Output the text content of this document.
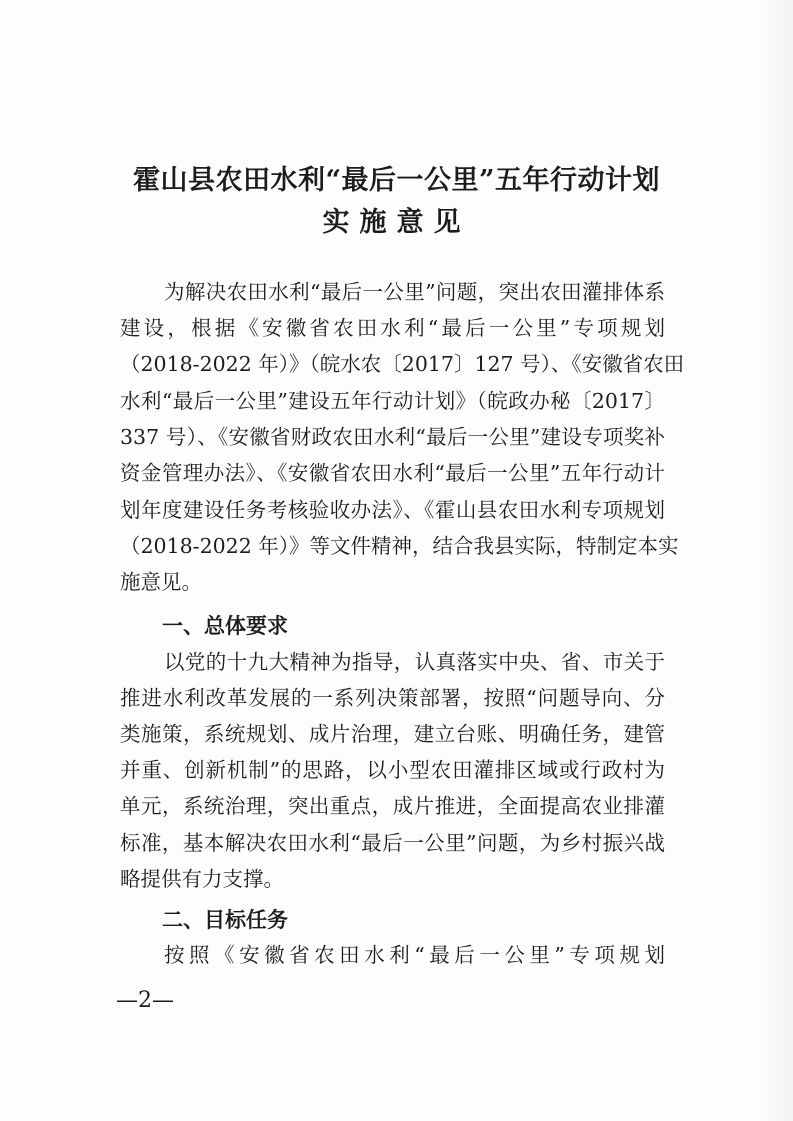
霍山县农田水利“最后一公里”五年行动计划
实施意见
为解决农田水利“最后一公里”问题，突出农田灌排体系
建设，根据《安徽省农田水利“最后一公里”专项规划
（2018-2022 年）》（皖水农〔2017〕127 号）、《安徽省农田
水利“最后一公里”建设五年行动计划》（皖政办秘〔2017〕
337 号）、《安徽省财政农田水利“最后一公里”建设专项奖补
资金管理办法》、《安徽省农田水利“最后一公里”五年行动计
划年度建设任务考核验收办法》、《霍山县农田水利专项规划
（2018-2022 年）》等文件精神，结合我县实际，特制定本实
施意见。
一、总体要求
以党的十九大精神为指导，认真落实中央、省、市关于
推进水利改革发展的一系列决策部署，按照“问题导向、分
类施策，系统规划、成片治理，建立台账、明确任务，建管
并重、创新机制”的思路，以小型农田灌排区域或行政村为
单元，系统治理，突出重点，成片推进，全面提高农业排灌
标准，基本解决农田水利“最后一公里”问题，为乡村振兴战
略提供有力支撑。
二、目标任务
按照《安徽省农田水利“最后一公里”专项规划
—2—
